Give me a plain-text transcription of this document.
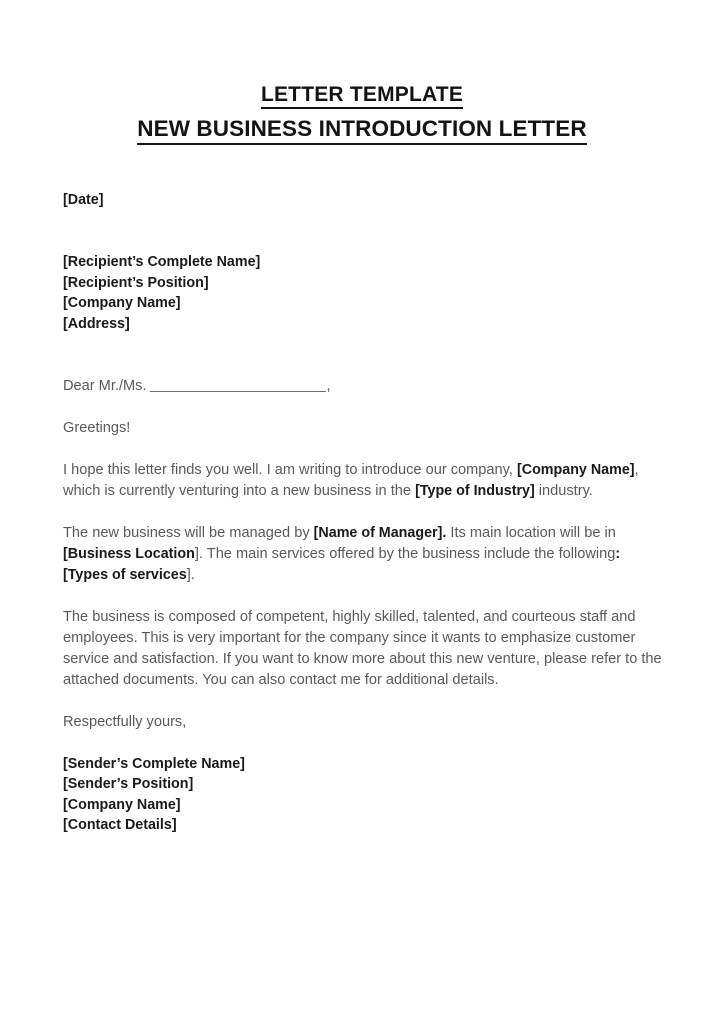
LETTER TEMPLATE
NEW BUSINESS INTRODUCTION LETTER
[Date]
[Recipient’s Complete Name]
[Recipient’s Position]
[Company Name]
[Address]
Dear Mr./Ms.	,
Greetings!
I hope this letter finds you well. I am writing to introduce our company, [Company Name], which is currently venturing into a new business in the [Type of Industry] industry.
The new business will be managed by [Name of Manager]. Its main location will be in [Business Location]. The main services offered by the business include the following: [Types of services].
The business is composed of competent, highly skilled, talented, and courteous staff and employees. This is very important for the company since it wants to emphasize customer service and satisfaction. If you want to know more about this new venture, please refer to the attached documents. You can also contact me for additional details.
Respectfully yours,
[Sender’s Complete Name]
[Sender’s Position]
[Company Name]
[Contact Details]
